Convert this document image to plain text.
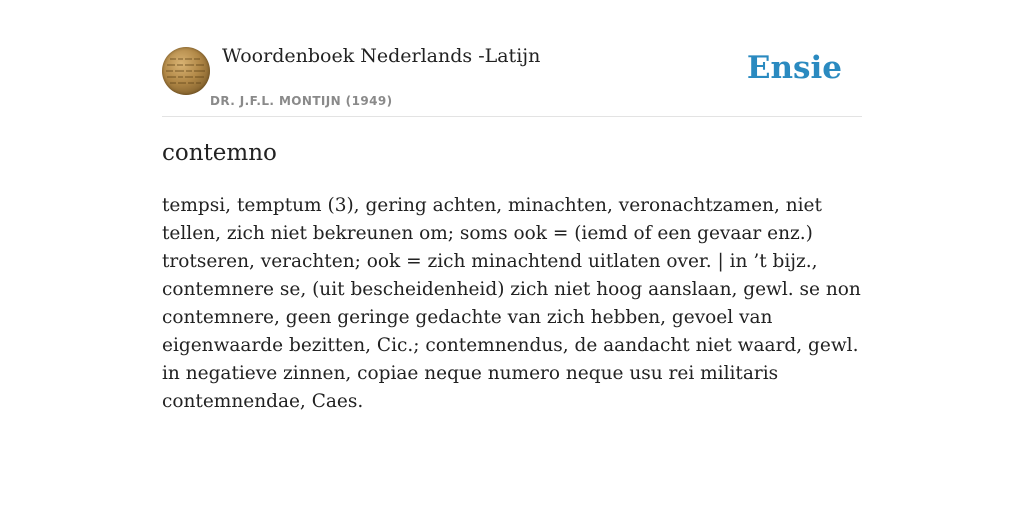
Woordenboek Nederlands -Latijn
DR. J.F.L. MONTIJN (1949)
Ensie
contemno

tempsi, temptum (3), gering achten, minachten, veronachtzamen, niet tellen, zich niet bekreunen om; soms ook = (iemd of een gevaar enz.) trotseren, verachten; ook = zich minachtend uitlaten over. | in ’t bijz., contemnere se, (uit bescheidenheid) zich niet hoog aanslaan, gewl. se non contemnere, geen geringe gedachte van zich hebben, gevoel van eigenwaarde bezitten, Cic.; contemnendus, de aandacht niet waard, gewl. in negatieve zinnen, copiae neque numero neque usu rei militaris contemnendae, Caes.
